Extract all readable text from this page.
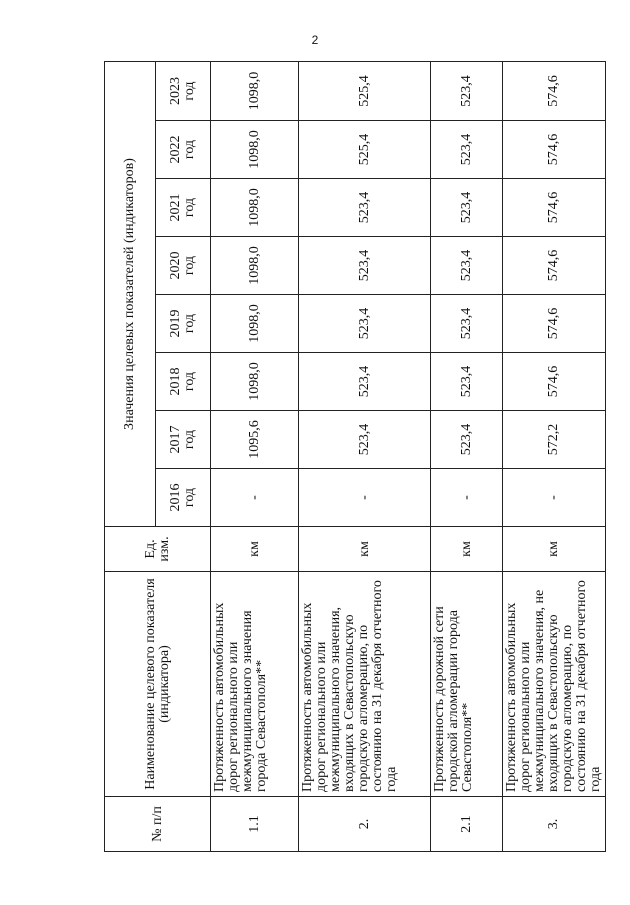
2
№ п/п	Наименование целевого показателя (индикатора)	Ед. изм.	Значения целевых показателей (индикаторов)							
			2016 год	2017 год	2018 год	2019 год	2020 год	2021 год	2022 год	2023 год
1.1	Протяженность автомобильных дорог регионального или межмуниципального значения города Севастополя**	км	-	1095,6	1098,0	1098,0	1098,0	1098,0	1098,0	1098,0
2.	Протяженность автомобильных дорог регионального или межмуниципального значения, входящих в Севастопольскую городскую агломерацию, по состоянию на 31 декабря отчетного года	км	-	523,4	523,4	523,4	523,4	523,4	525,4	525,4
2.1	Протяженность дорожной сети городской агломерации города Севастополя**	км	-	523,4	523,4	523,4	523,4	523,4	523,4	523,4
3.	Протяженность автомобильных дорог регионального или межмуниципального значения, не входящих в Севастопольскую городскую агломерацию, по состоянию на 31 декабря отчетного года	км	-	572,2	574,6	574,6	574,6	574,6	574,6	574,6
